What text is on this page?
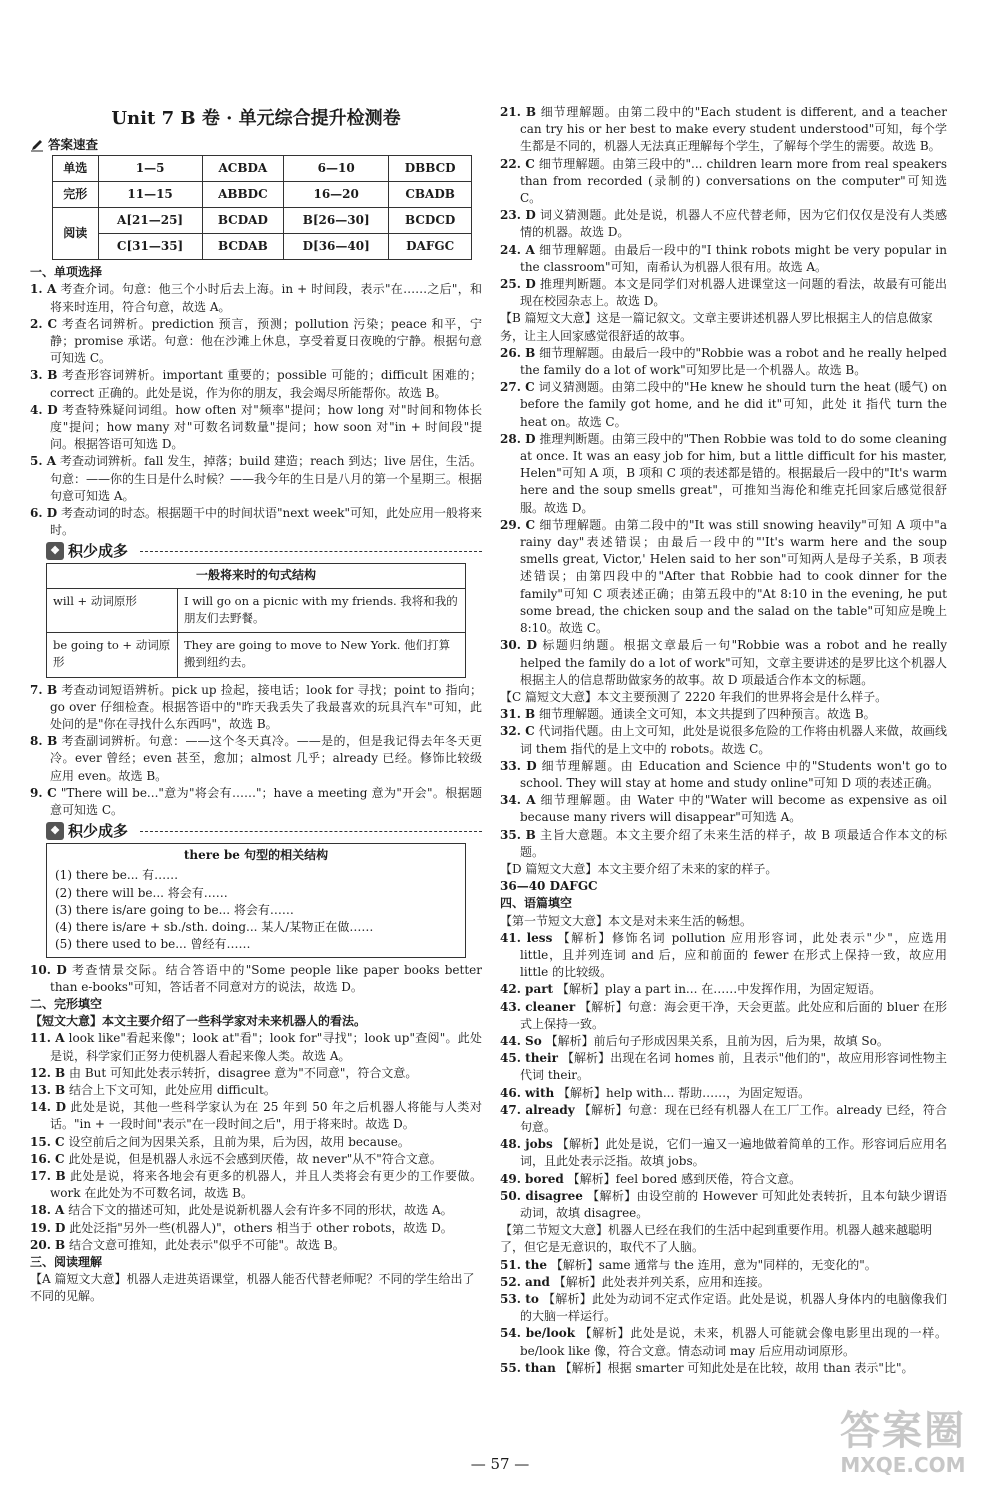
Unit 7 B 卷 · 单元综合提升检测卷
答案速查
单选	1—5	ACBDA	6—10	DBBCD
完形	11—15	ABBDC	16—20	CBADB
阅读	A[21—25]	BCDAD	B[26—30]	BCDCD
	C[31—35]	BCDAB	D[36—40]	DAFGC
一、单项选择
1. A 考查介词。句意：他三个小时后去上海。in + 时间段，表示"在……之后"，和将来时连用，符合句意，故选 A。
2. C 考查名词辨析。prediction 预言，预测；pollution 污染；peace 和平，宁静；promise 承诺。句意：他在沙滩上休息，享受着夏日夜晚的宁静。根据句意可知选 C。
3. B 考查形容词辨析。important 重要的；possible 可能的；difficult 困难的；correct 正确的。此处是说，作为你的朋友，我会竭尽所能帮你。故选 B。
4. D 考查特殊疑问词组。how often 对"频率"提问；how long 对"时间和物体长度"提问；how many 对"可数名词数量"提问；how soon 对"in + 时间段"提问。根据答语可知选 D。
5. A 考查动词辨析。fall 发生，掉落；build 建造；reach 到达；live 居住，生活。句意：——你的生日是什么时候？——我今年的生日是八月的第一个星期三。根据句意可知选 A。
6. D 考查动词的时态。根据题干中的时间状语"next week"可知，此处应用一般将来时。
❖ 积少成多
一般将来时的句式结构
will + 动词原形	I will go on a picnic with my friends. 我将和我的朋友们去野餐。
be going to + 动词原形	They are going to move to New York. 他们打算搬到纽约去。
7. B 考查动词短语辨析。pick up 捡起，接电话；look for 寻找；point to 指向；go over 仔细检查。根据答语中的"昨天我丢失了我最喜欢的玩具汽车"可知，此处问的是"你在寻找什么东西吗"，故选 B。
8. B 考查副词辨析。句意：——这个冬天真冷。——是的，但是我记得去年冬天更冷。ever 曾经；even 甚至，愈加；almost 几乎；already 已经。修饰比较级应用 even。故选 B。
9. C "There will be..."意为"将会有……"；have a meeting 意为"开会"。根据题意可知选 C。
❖ 积少成多
there be 句型的相关结构
(1) there be... 有……
(2) there will be... 将会有……
(3) there is/are going to be... 将会有……
(4) there is/are + sb./sth. doing... 某人/某物正在做……
(5) there used to be... 曾经有……
10. D 考查情景交际。结合答语中的"Some people like paper books better than e-books"可知，答话者不同意对方的说法，故选 D。
二、完形填空
【短文大意】本文主要介绍了一些科学家对未来机器人的看法。
11. A look like"看起来像"；look at"看"；look for"寻找"；look up"查阅"。此处是说，科学家们正努力使机器人看起来像人类。故选 A。
12. B 由 But 可知此处表示转折，disagree 意为"不同意"，符合文意。
13. B 结合上下文可知，此处应用 difficult。
14. D 此处是说，其他一些科学家认为在 25 年到 50 年之后机器人将能与人类对话。"in + 一段时间"表示"在一段时间之后"，用于将来时。故选 D。
15. C 设空前后之间为因果关系，且前为果，后为因，故用 because。
16. C 此处是说，但是机器人永远不会感到厌倦，故 never"从不"符合文意。
17. B 此处是说，将来各地会有更多的机器人，并且人类将会有更少的工作要做。work 在此处为不可数名词，故选 B。
18. A 结合下文的描述可知，此处是说新机器人会有许多不同的形状，故选 A。
19. D 此处泛指"另外一些(机器人)"，others 相当于 other robots，故选 D。
20. B 结合文意可推知，此处表示"似乎不可能"。故选 B。
三、阅读理解
【A 篇短文大意】机器人走进英语课堂，机器人能否代替老师呢？不同的学生给出了不同的见解。
21. B 细节理解题。由第二段中的"Each student is different, and a teacher can try his or her best to make every student understood"可知，每个学生都是不同的，机器人无法真正理解每个学生，了解每个学生的需要。故选 B。
22. C 细节理解题。由第三段中的"... children learn more from real speakers than from recorded (录制的) conversations on the computer"可知选 C。
23. D 词义猜测题。此处是说，机器人不应代替老师，因为它们仅仅是没有人类感情的机器。故选 D。
24. A 细节理解题。由最后一段中的"I think robots might be very popular in the classroom"可知，南希认为机器人很有用。故选 A。
25. D 推理判断题。本文是同学们对机器人进课堂这一问题的看法，故最有可能出现在校园杂志上。故选 D。
【B 篇短文大意】这是一篇记叙文。文章主要讲述机器人罗比根据主人的信息做家务，让主人回家感觉很舒适的故事。
26. B 细节理解题。由最后一段中的"Robbie was a robot and he really helped the family do a lot of work"可知罗比是一个机器人。故选 B。
27. C 词义猜测题。由第二段中的"He knew he should turn the heat (暖气) on before the family got home, and he did it"可知，此处 it 指代 turn the heat on。故选 C。
28. D 推理判断题。由第三段中的"Then Robbie was told to do some cleaning at once. It was an easy job for him, but a little difficult for his master, Helen"可知 A 项，B 项和 C 项的表述都是错的。根据最后一段中的"It's warm here and the soup smells great"，可推知当海伦和维克托回家后感觉很舒服。故选 D。
29. C 细节理解题。由第二段中的"It was still snowing heavily"可知 A 项中"a rainy day"表述错误；由最后一段中的"'It's warm here and the soup smells great, Victor,' Helen said to her son"可知两人是母子关系，B 项表述错误；由第四段中的"After that Robbie had to cook dinner for the family"可知 C 项表述正确；由第五段中的"At 8:10 in the evening, he put some bread, the chicken soup and the salad on the table"可知应是晚上 8:10。故选 C。
30. D 标题归纳题。根据文章最后一句"Robbie was a robot and he really helped the family do a lot of work"可知，文章主要讲述的是罗比这个机器人根据主人的信息帮助做家务的故事。故 D 项最适合作本文的标题。
【C 篇短文大意】本文主要预测了 2220 年我们的世界将会是什么样子。
31. B 细节理解题。通读全文可知，本文共提到了四种预言。故选 B。
32. C 代词指代题。由上文可知，此处是说很多危险的工作将由机器人来做，故画线词 them 指代的是上文中的 robots。故选 C。
33. D 细节理解题。由 Education and Science 中的"Students won't go to school. They will stay at home and study online"可知 D 项的表述正确。
34. A 细节理解题。由 Water 中的"Water will become as expensive as oil because many rivers will disappear"可知选 A。
35. B 主旨大意题。本文主要介绍了未来生活的样子，故 B 项最适合作本文的标题。
【D 篇短文大意】本文主要介绍了未来的家的样子。
36—40 DAFGC
四、语篇填空
【第一节短文大意】本文是对未来生活的畅想。
41. less 【解析】修饰名词 pollution 应用形容词，此处表示"少"，应选用 little，且并列连词 and 后，应和前面的 fewer 在形式上保持一致，故应用 little 的比较级。
42. part 【解析】play a part in... 在……中发挥作用，为固定短语。
43. cleaner 【解析】句意：海会更干净，天会更蓝。此处应和后面的 bluer 在形式上保持一致。
44. So 【解析】前后句子形成因果关系，且前为因，后为果，故填 So。
45. their 【解析】出现在名词 homes 前，且表示"他们的"，故应用形容词性物主代词 their。
46. with 【解析】help with... 帮助……，为固定短语。
47. already 【解析】句意：现在已经有机器人在工厂工作。already 已经，符合句意。
48. jobs 【解析】此处是说，它们一遍又一遍地做着简单的工作。形容词后应用名词，且此处表示泛指。故填 jobs。
49. bored 【解析】feel bored 感到厌倦，符合文意。
50. disagree 【解析】由设空前的 However 可知此处表转折，且本句缺少谓语动词，故填 disagree。
【第二节短文大意】机器人已经在我们的生活中起到重要作用。机器人越来越聪明了，但它是无意识的，取代不了人脑。
51. the 【解析】same 通常与 the 连用，意为"同样的，无变化的"。
52. and 【解析】此处表并列关系，应用和连接。
53. to 【解析】此处为动词不定式作定语。此处是说，机器人身体内的电脑像我们的大脑一样运行。
54. be/look 【解析】此处是说，未来，机器人可能就会像电影里出现的一样。be/look like 像，符合文意。情态动词 may 后应用动词原形。
55. than 【解析】根据 smarter 可知此处是在比较，故用 than 表示"比"。
— 57 —
答案圈
MXQE.COM
